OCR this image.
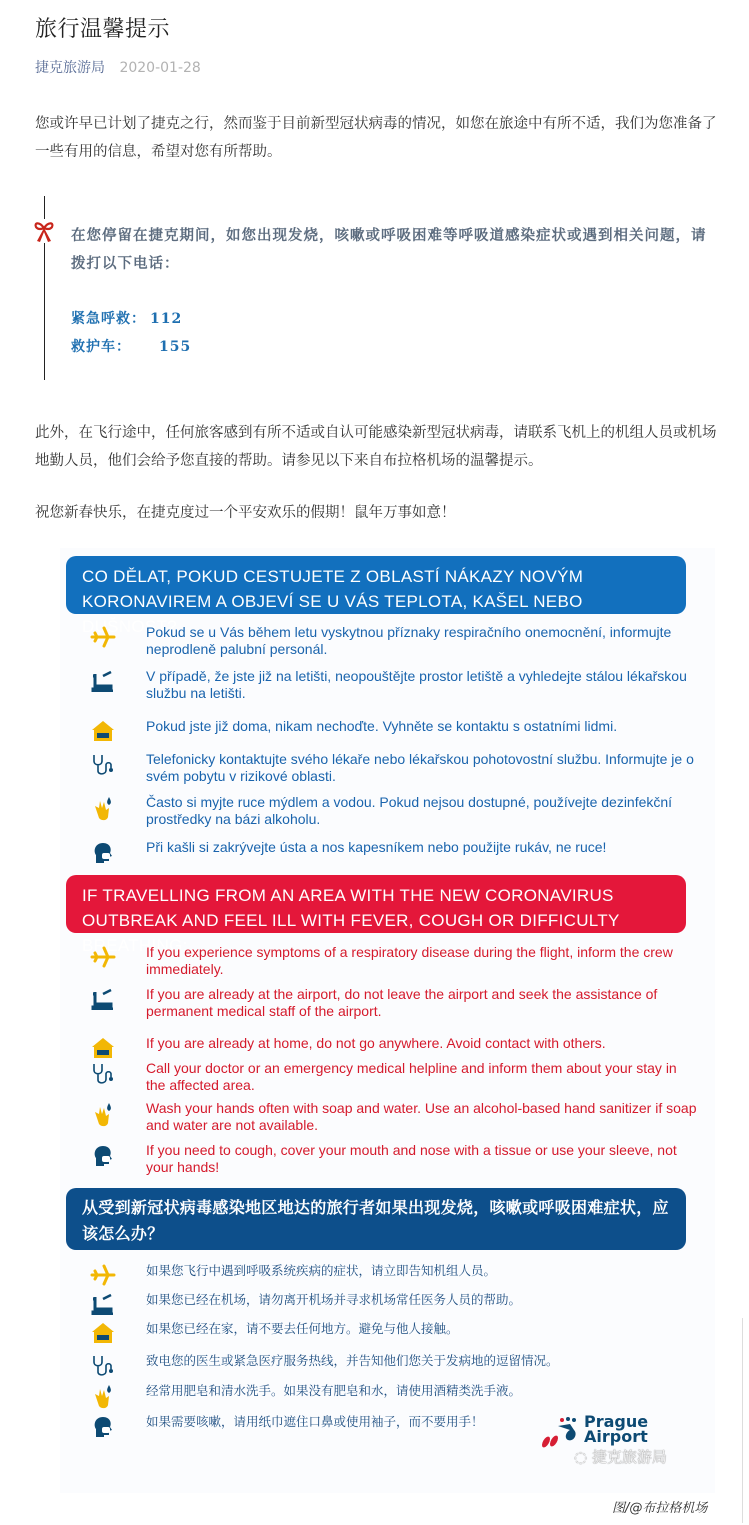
旅行温馨提示
捷克旅游局 2020-01-28

您或许早已计划了捷克之行，然而鉴于目前新型冠状病毒的情况，如您在旅途中有所不适，我们为您准备了一些有用的信息，希望对您有所帮助。

在您停留在捷克期间，如您出现发烧，咳嗽或呼吸困难等呼吸道感染症状或遇到相关问题，请拨打以下电话：

紧急呼救： 112
救护车： 155

此外，在飞行途中，任何旅客感到有所不适或自认可能感染新型冠状病毒，请联系飞机上的机组人员或机场地勤人员，他们会给予您直接的帮助。请参见以下来自布拉格机场的温馨提示。

祝您新春快乐，在捷克度过一个平安欢乐的假期！鼠年万事如意！

CO DĚLAT, POKUD CESTUJETE Z OBLASTÍ NÁKAZY NOVÝM KORONAVIREM A OBJEVÍ SE U VÁS TEPLOTA, KAŠEL NEBO DUŠNOST?
Pokud se u Vás během letu vyskytnou příznaky respiračního onemocnění, informujte neprodleně palubní personál.
V případě, že jste již na letišti, neopouštějte prostor letiště a vyhledejte stálou lékařskou službu na letišti.
Pokud jste již doma, nikam nechoďte. Vyhněte se kontaktu s ostatními lidmi.
Telefonicky kontaktujte svého lékaře nebo lékařskou pohotovostní službu. Informujte je o svém pobytu v rizikové oblasti.
Často si myjte ruce mýdlem a vodou. Pokud nejsou dostupné, používejte dezinfekční prostředky na bázi alkoholu.
Při kašli si zakrývejte ústa a nos kapesníkem nebo použijte rukáv, ne ruce!
IF TRAVELLING FROM AN AREA WITH THE NEW CORONAVIRUS OUTBREAK AND FEEL ILL WITH FEVER, COUGH OR DIFFICULTY BREATHING:
If you experience symptoms of a respiratory disease during the flight, inform the crew immediately.
If you are already at the airport, do not leave the airport and seek the assistance of permanent medical staff of the airport.
If you are already at home, do not go anywhere. Avoid contact with others.
Call your doctor or an emergency medical helpline and inform them about your stay in the affected area.
Wash your hands often with soap and water. Use an alcohol-based hand sanitizer if soap and water are not available.
If you need to cough, cover your mouth and nose with a tissue or use your sleeve, not your hands!
从受到新冠状病毒感染地区地达的旅行者如果出现发烧，咳嗽或呼吸困难症状，应该怎么办？
如果您飞行中遇到呼吸系统疾病的症状，请立即告知机组人员。
如果您已经在机场，请勿离开机场并寻求机场常任医务人员的帮助。
如果您已经在家，请不要去任何地方。避免与他人接触。
致电您的医生或紧急医疗服务热线，并告知他们您关于发病地的逗留情况。
经常用肥皂和清水洗手。如果没有肥皂和水，请使用酒精类洗手液。
如果需要咳嗽，请用纸巾遮住口鼻或使用袖子，而不要用手！	Prague
Airport
◌ 捷克旅游局
图/@布拉格机场
